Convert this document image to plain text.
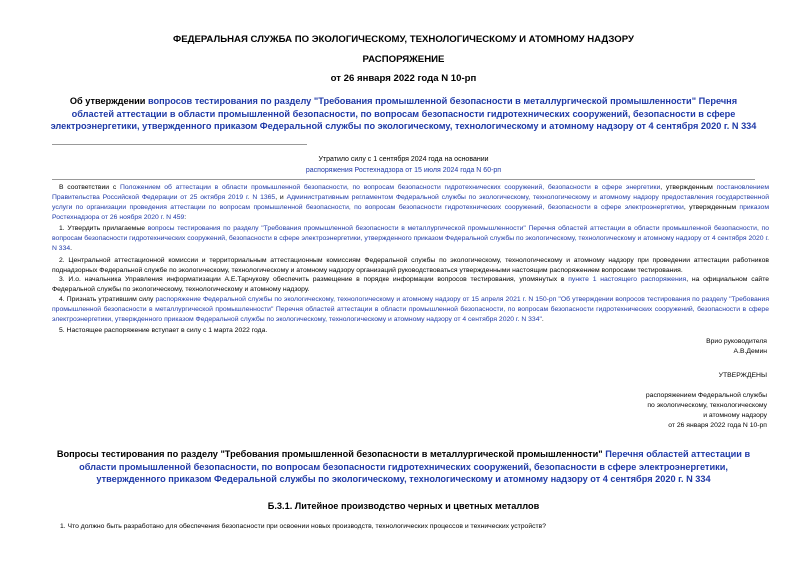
ФЕДЕРАЛЬНАЯ СЛУЖБА ПО ЭКОЛОГИЧЕСКОМУ, ТЕХНОЛОГИЧЕСКОМУ И АТОМНОМУ НАДЗОРУ
РАСПОРЯЖЕНИЕ
от 26 января 2022 года N 10-рп
Об утверждении вопросов тестирования по разделу "Требования промышленной безопасности в металлургической промышленности" Перечня областей аттестации в области промышленной безопасности, по вопросам безопасности гидротехнических сооружений, безопасности в сфере электроэнергетики, утвержденного приказом Федеральной службы по экологическому, технологическому и атомному надзору от 4 сентября 2020 г. N 334
Утратило силу с 1 сентября 2024 года на основании
распоряжения Ростехнадзора от 15 июля 2024 года N 60-рп

В соответствии с Положением об аттестации в области промышленной безопасности, по вопросам безопасности гидротехнических сооружений, безопасности в сфере энергетики, утвержденным постановлением Правительства Российской Федерации от 25 октября 2019 г. N 1365, и Административным регламентом Федеральной службы по экологическому, технологическому и атомному надзору предоставления государственной услуги по организации проведения аттестации по вопросам промышленной безопасности, по вопросам безопасности гидротехнических сооружений, безопасности в сфере электроэнергетики, утвержденным приказом Ростехнадзора от 26 ноября 2020 г. N 459:

1. Утвердить прилагаемые вопросы тестирования по разделу "Требования промышленной безопасности в металлургической промышленности" Перечня областей аттестации в области промышленной безопасности, по вопросам безопасности гидротехнических сооружений, безопасности в сфере электроэнергетики, утвержденного приказом Федеральной службы по экологическому, технологическому и атомному надзору от 4 сентября 2020 г. N 334.

2. Центральной аттестационной комиссии и территориальным аттестационным комиссиям Федеральной службы по экологическому, технологическому и атомному надзору при проведении аттестации работников поднадзорных Федеральной службе по экологическому, технологическому и атомному надзору организаций руководствоваться утвержденными настоящим распоряжением вопросами тестирования.

3. И.о. начальника Управления информатизации А.Е.Тарчукову обеспечить размещение в порядке информации вопросов тестирования, упомянутых в пункте 1 настоящего распоряжения, на официальном сайте Федеральной службы по экологическому, технологическому и атомному надзору.

4. Признать утратившим силу распоряжение Федеральной службы по экологическому, технологическому и атомному надзору от 15 апреля 2021 г. N 150-рп "Об утверждении вопросов тестирования по разделу "Требования промышленной безопасности в металлургической промышленности" Перечня областей аттестации в области промышленной безопасности, по вопросам безопасности гидротехнических сооружений, безопасности в сфере электроэнергетики, утвержденного приказом Федеральной службы по экологическому, технологическому и атомному надзору от 4 сентября 2020 г. N 334".

5. Настоящее распоряжение вступает в силу с 1 марта 2022 года.

Врио руководителя
А.В.Демин
УТВЕРЖДЕНЫ
распоряжением Федеральной службы
по экологическому, технологическому
и атомному надзору
от 26 января 2022 года N 10-рп
Вопросы тестирования по разделу "Требования промышленной безопасности в металлургической промышленности" Перечня областей аттестации в области промышленной безопасности, по вопросам безопасности гидротехнических сооружений, безопасности в сфере электроэнергетики, утвержденного приказом Федеральной службы по экологическому, технологическому и атомному надзору от 4 сентября 2020 г. N 334
Б.3.1. Литейное производство черных и цветных металлов
1. Что должно быть разработано для обеспечения безопасности при освоении новых производств, технологических процессов и технических устройств?
